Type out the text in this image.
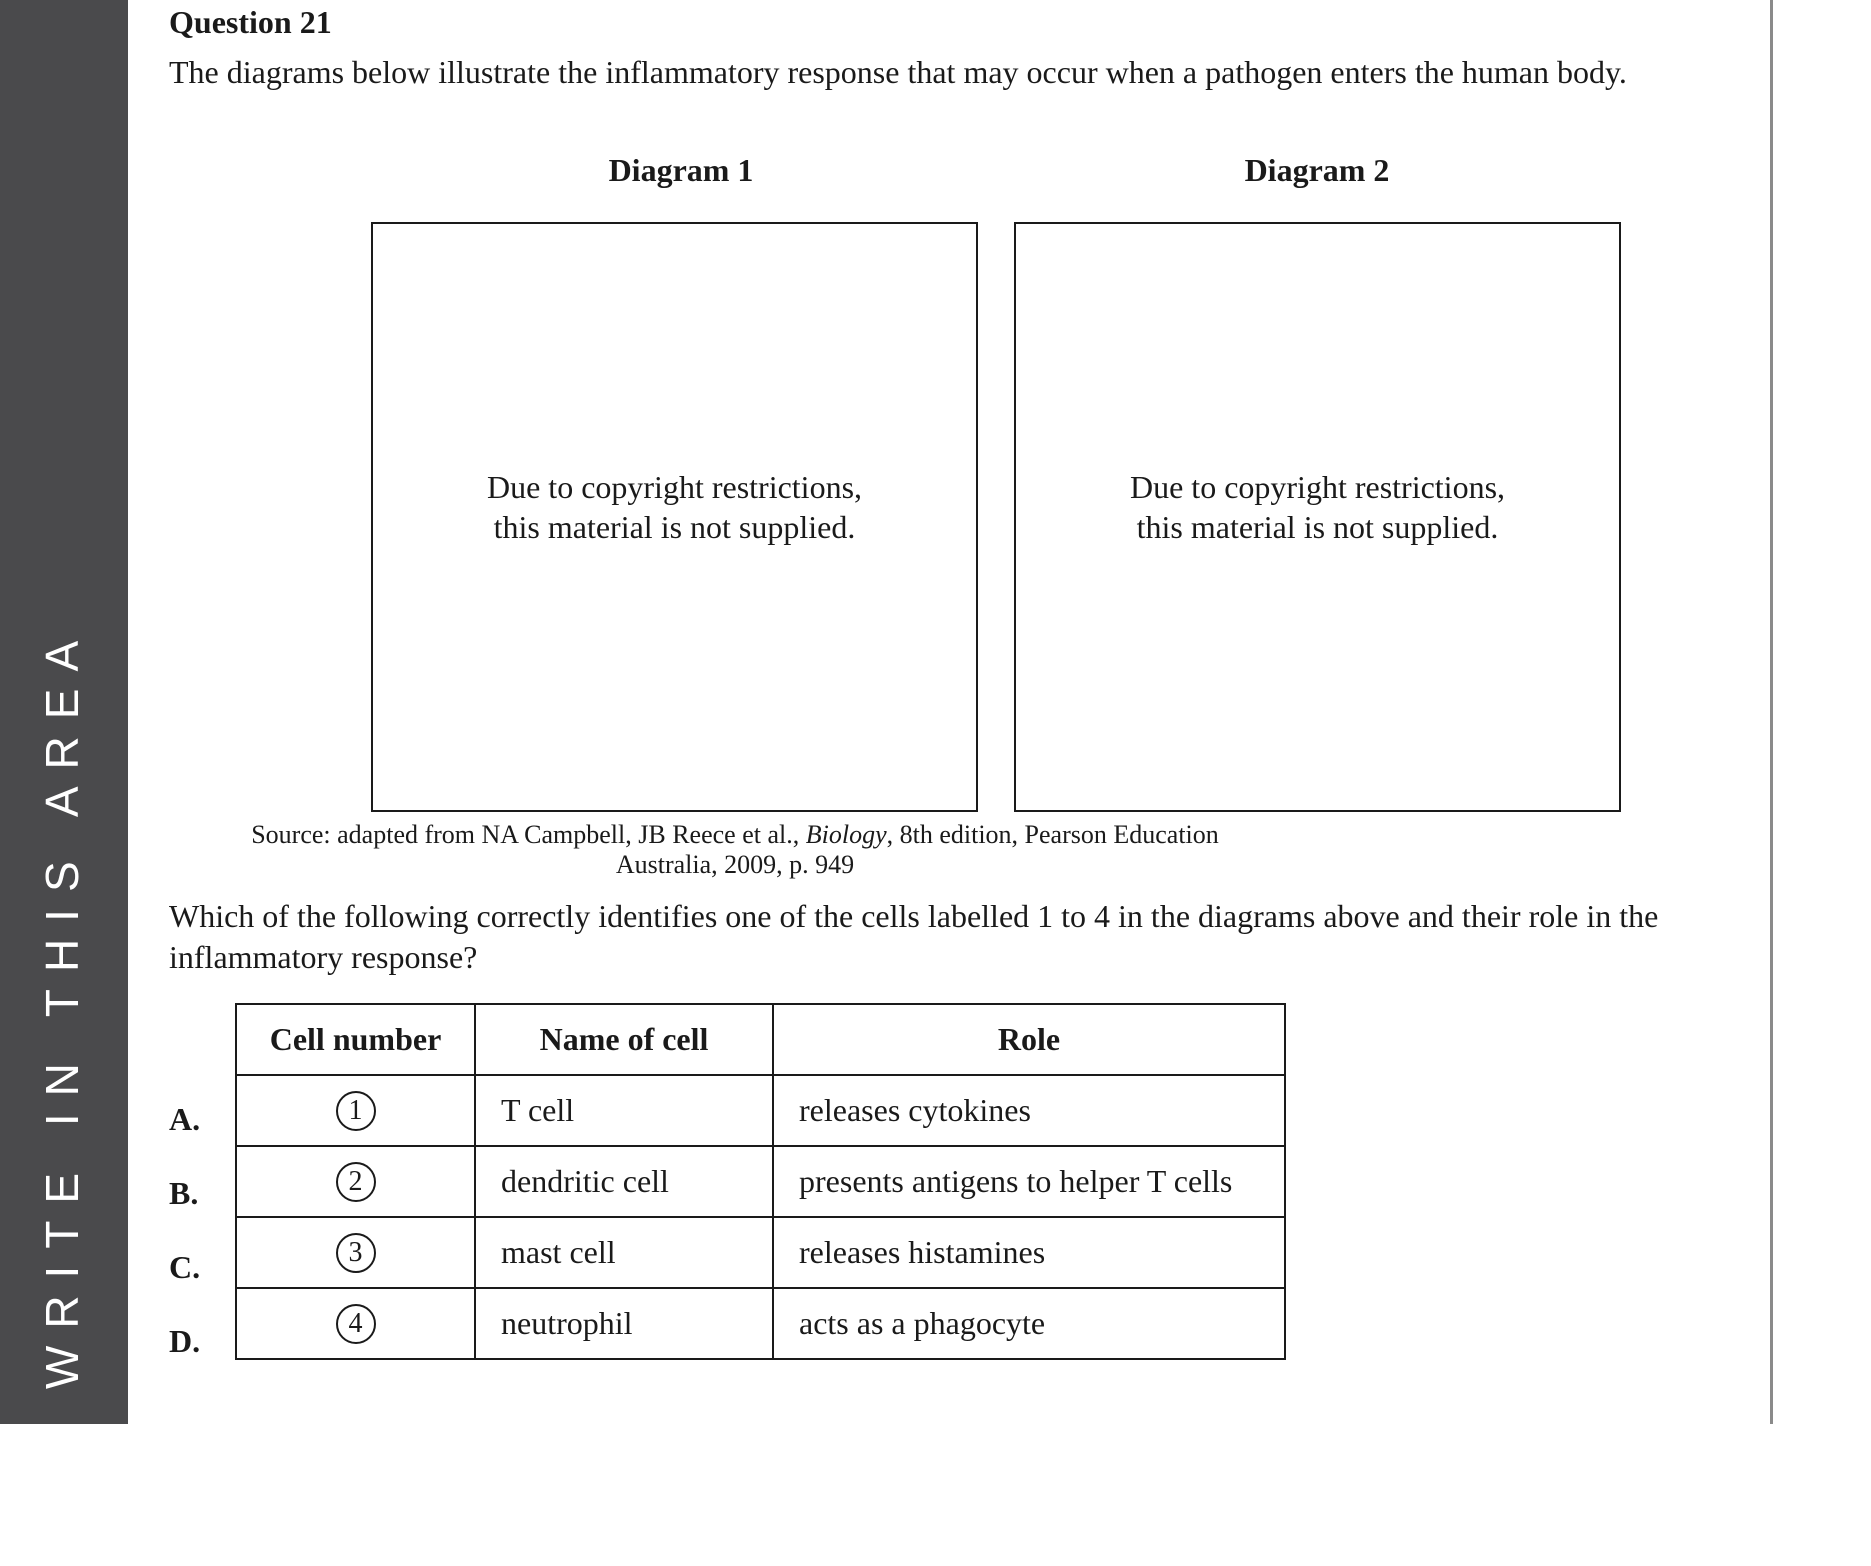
NOT WRITE IN THIS AREA
Question 21
The diagrams below illustrate the inflammatory response that may occur when a pathogen enters the human body.
Diagram 1	Diagram 2
Due to copyright restrictions,
this material is not supplied.
Due to copyright restrictions,
this material is not supplied.
Source: adapted from NA Campbell, JB Reece et al., Biology, 8th edition, Pearson Education Australia, 2009, p. 949
Which of the following correctly identifies one of the cells labelled 1 to 4 in the diagrams above and their role in the inflammatory response?
A.
B.
C.
D.
Cell number	Name of cell	Role
1	T cell	releases cytokines
2	dendritic cell	presents antigens to helper T cells
3	mast cell	releases histamines
4	neutrophil	acts as a phagocyte
